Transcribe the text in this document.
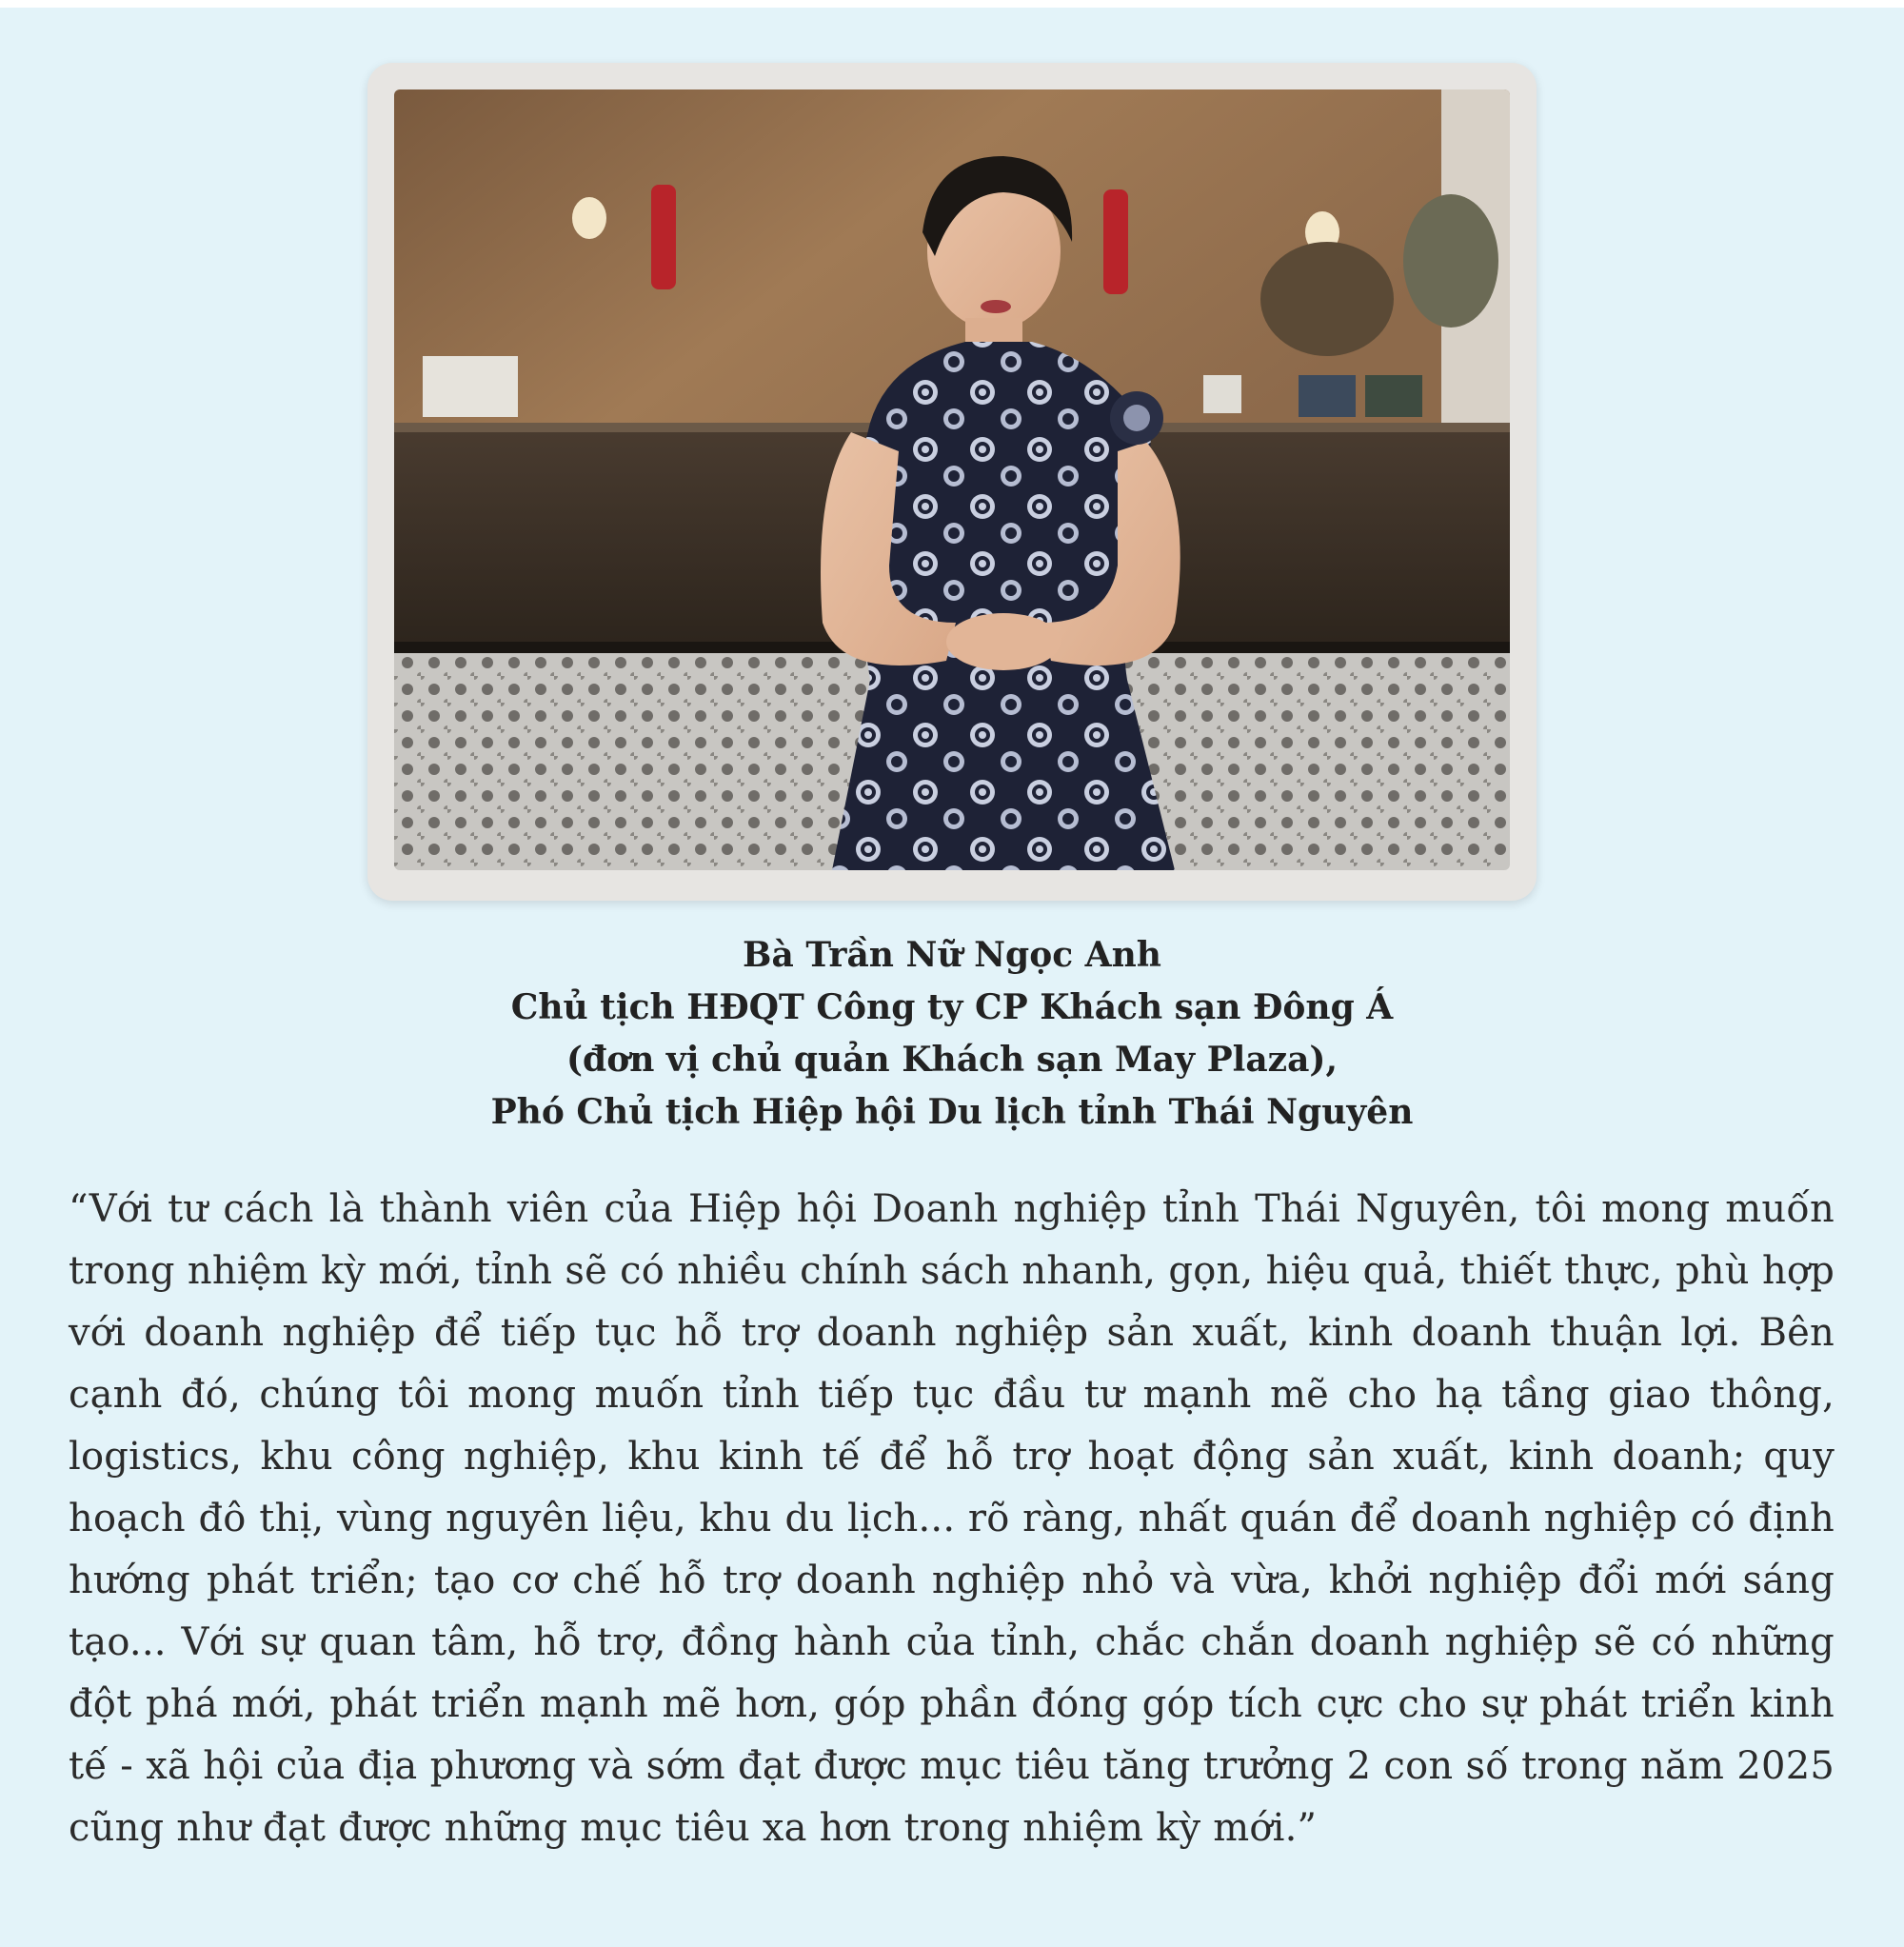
Bà Trần Nữ Ngọc Anh
Chủ tịch HĐQT Công ty CP Khách sạn Đông Á
(đơn vị chủ quản Khách sạn May Plaza),
Phó Chủ tịch Hiệp hội Du lịch tỉnh Thái Nguyên

“Với tư cách là thành viên của Hiệp hội Doanh nghiệp tỉnh Thái Nguyên, tôi mong muốn trong nhiệm kỳ mới, tỉnh sẽ có nhiều chính sách nhanh, gọn, hiệu quả, thiết thực, phù hợp với doanh nghiệp để tiếp tục hỗ trợ doanh nghiệp sản xuất, kinh doanh thuận lợi. Bên cạnh đó, chúng tôi mong muốn tỉnh tiếp tục đầu tư mạnh mẽ cho hạ tầng giao thông, logistics, khu công nghiệp, khu kinh tế để hỗ trợ hoạt động sản xuất, kinh doanh; quy hoạch đô thị, vùng nguyên liệu, khu du lịch... rõ ràng, nhất quán để doanh nghiệp có định hướng phát triển; tạo cơ chế hỗ trợ doanh nghiệp nhỏ và vừa, khởi nghiệp đổi mới sáng tạo... Với sự quan tâm, hỗ trợ, đồng hành của tỉnh, chắc chắn doanh nghiệp sẽ có những đột phá mới, phát triển mạnh mẽ hơn, góp phần đóng góp tích cực cho sự phát triển kinh tế - xã hội của địa phương và sớm đạt được mục tiêu tăng trưởng 2 con số trong năm 2025 cũng như đạt được những mục tiêu xa hơn trong nhiệm kỳ mới.”
